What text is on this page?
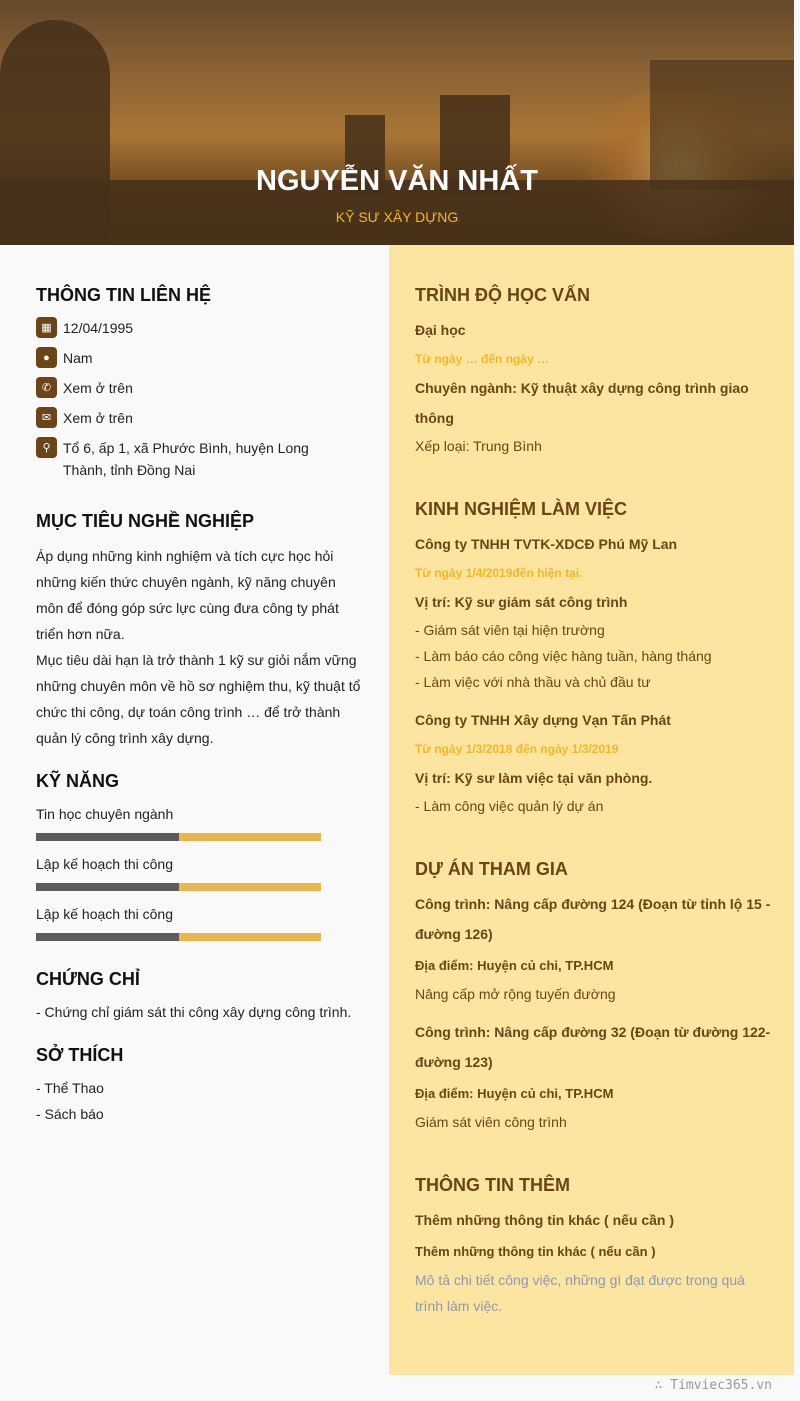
NGUYỄN VĂN NHẤT
KỸ SƯ XÂY DỰNG
THÔNG TIN LIÊN HỆ
▦ 12/04/1995
● Nam
✆ Xem ở trên
✉ Xem ở trên
⚲ Tổ 6, ấp 1, xã Phước Bình, huyện Long Thành, tỉnh Đồng Nai
MỤC TIÊU NGHỀ NGHIỆP
Áp dụng những kinh nghiệm và tích cực học hỏi những kiến thức chuyên ngành, kỹ năng chuyên môn để đóng góp sức lực cùng đưa công ty phát triển hơn nữa.
Mục tiêu dài hạn là trở thành 1 kỹ sư giỏi nắm vững những chuyên môn về hồ sơ nghiệm thu, kỹ thuật tổ chức thi công, dự toán công trình … để trở thành quản lý công trình xây dựng.
KỸ NĂNG
Tin học chuyên ngành
Lập kế hoạch thi công
Lập kế hoạch thi công
CHỨNG CHỈ
- Chứng chỉ giám sát thi công xây dựng công trình.
SỞ THÍCH
- Thể Thao
- Sách báo
TRÌNH ĐỘ HỌC VẤN
Đại học
Từ ngày … đến ngày …
Chuyên ngành: Kỹ thuật xây dựng công trình giao thông
Xếp loại: Trung Bình
KINH NGHIỆM LÀM VIỆC
Công ty TNHH TVTK-XDCĐ Phú Mỹ Lan
Từ ngày 1/4/2019đến hiện tại.
Vị trí: Kỹ sư giám sát công trình
- Giám sát viên tại hiện trường
- Làm báo cáo công việc hàng tuần, hàng tháng
- Làm việc với nhà thầu và chủ đầu tư
Công ty TNHH Xây dựng Vạn Tấn Phát
Từ ngày 1/3/2018 đến ngày 1/3/2019
Vị trí: Kỹ sư làm việc tại văn phòng.
- Làm công việc quản lý dự án
DỰ ÁN THAM GIA
Công trình: Nâng cấp đường 124 (Đoạn từ tỉnh lộ 15 - đường 126)
Địa điểm: Huyện củ chi, TP.HCM
Nâng cấp mở rộng tuyến đường
Công trình: Nâng cấp đường 32 (Đoạn từ đường 122- đường 123)
Địa điểm: Huyện củ chi, TP.HCM
Giám sát viên công trình
THÔNG TIN THÊM
Thêm những thông tin khác ( nếu cần )
Thêm những thông tin khác ( nếu cần )
Mô tả chi tiết công việc, những gì đạt được trong quá trình làm việc.
∴ Timviec365.vn
